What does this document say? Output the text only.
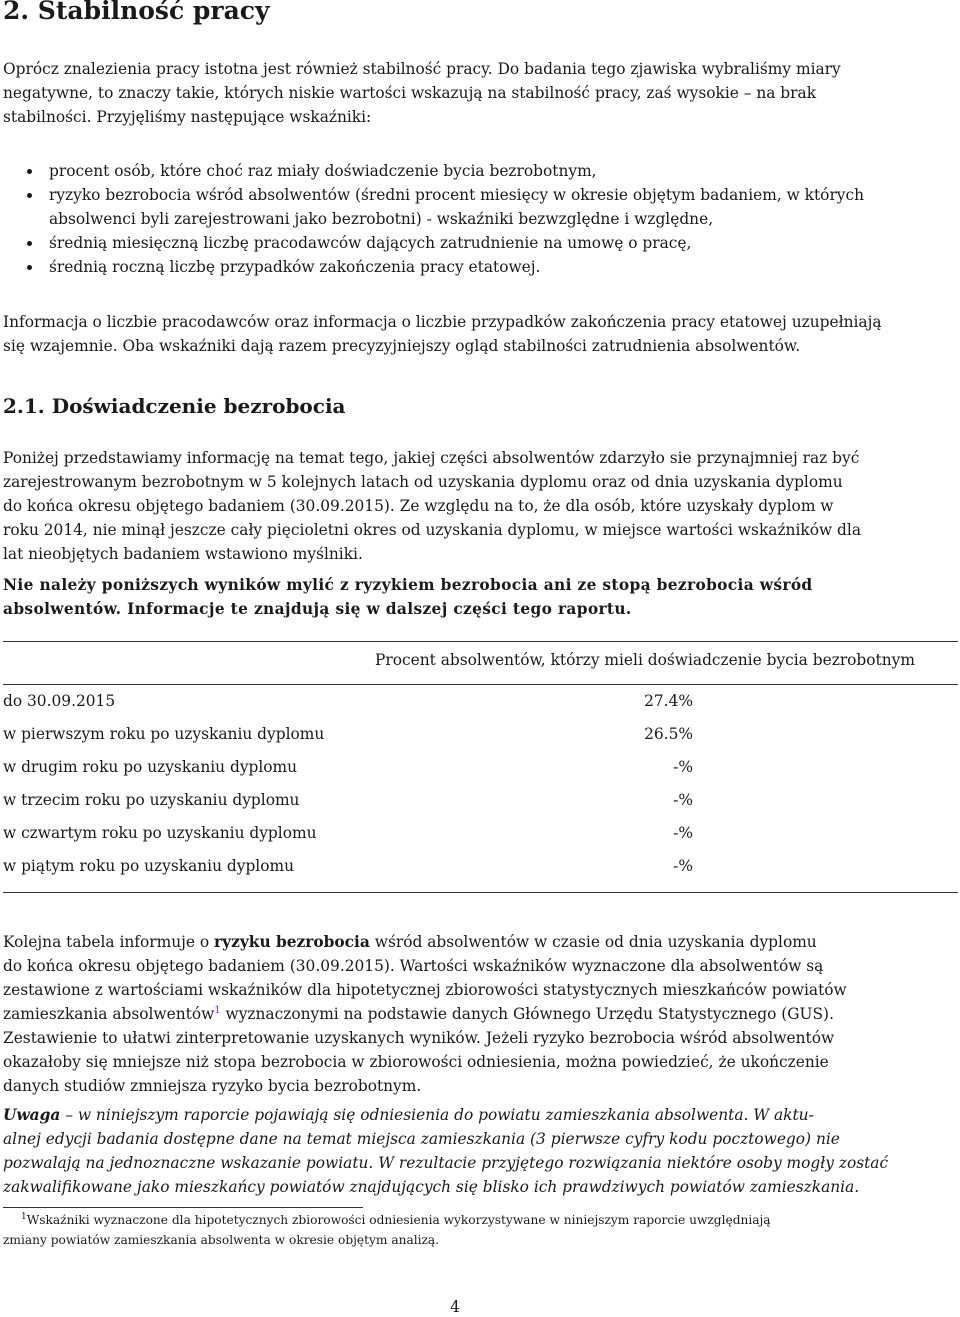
2. Stabilność pracy

Oprócz znalezienia pracy istotna jest również stabilność pracy. Do badania tego zjawiska wybraliśmy miary
negatywne, to znaczy takie, których niskie wartości wskazują na stabilność pracy, zaś wysokie – na brak
stabilności. Przyjęliśmy następujące wskaźniki:

procent osób, które choć raz miały doświadczenie bycia bezrobotnym,
ryzyko bezrobocia wśród absolwentów (średni procent miesięcy w okresie objętym badaniem, w których
absolwenci byli zarejestrowani jako bezrobotni) - wskaźniki bezwzględne i względne,
średnią miesięczną liczbę pracodawców dających zatrudnienie na umowę o pracę,
średnią roczną liczbę przypadków zakończenia pracy etatowej.

Informacja o liczbie pracodawców oraz informacja o liczbie przypadków zakończenia pracy etatowej uzupełniają
się wzajemnie. Oba wskaźniki dają razem precyzyjniejszy ogląd stabilności zatrudnienia absolwentów.

2.1. Doświadczenie bezrobocia

Poniżej przedstawiamy informację na temat tego, jakiej części absolwentów zdarzyło sie przynajmniej raz być
zarejestrowanym bezrobotnym w 5 kolejnych latach od uzyskania dyplomu oraz od dnia uzyskania dyplomu
do końca okresu objętego badaniem (30.09.2015). Ze względu na to, że dla osób, które uzyskały dyplom w
roku 2014, nie minął jeszcze cały pięcioletni okres od uzyskania dyplomu, w miejsce wartości wskaźników dla
lat nieobjętych badaniem wstawiono myślniki.

Nie należy poniższych wyników mylić z ryzykiem bezrobocia ani ze stopą bezrobocia wśród
absolwentów. Informacje te znajdują się w dalszej części tego raportu.

Procent absolwentów, którzy mieli doświadczenie bycia bezrobotnym
do 30.09.2015	27.4%
w pierwszym roku po uzyskaniu dyplomu	26.5%
w drugim roku po uzyskaniu dyplomu	-%
w trzecim roku po uzyskaniu dyplomu	-%
w czwartym roku po uzyskaniu dyplomu	-%
w piątym roku po uzyskaniu dyplomu	-%

Kolejna tabela informuje o ryzyku bezrobocia wśród absolwentów w czasie od dnia uzyskania dyplomu
do końca okresu objętego badaniem (30.09.2015). Wartości wskaźników wyznaczone dla absolwentów są
zestawione z wartościami wskaźników dla hipotetycznej zbiorowości statystycznych mieszkańców powiatów
zamieszkania absolwentów$^1$ wyznaczonymi na podstawie danych Głównego Urzędu Statystycznego (GUS).
Zestawienie to ułatwi zinterpretowanie uzyskanych wyników. Jeżeli ryzyko bezrobocia wśród absolwentów
okazałoby się mniejsze niż stopa bezrobocia w zbiorowości odniesienia, można powiedzieć, że ukończenie
danych studiów zmniejsza ryzyko bycia bezrobotnym.

Uwaga – w niniejszym raporcie pojawiają się odniesienia do powiatu zamieszkania absolwenta. W aktu-
alnej edycji badania dostępne dane na temat miejsca zamieszkania (3 pierwsze cyfry kodu pocztowego) nie
pozwalają na jednoznaczne wskazanie powiatu. W rezultacie przyjętego rozwiązania niektóre osoby mogły zostać
zakwalifikowane jako mieszkańcy powiatów znajdujących się blisko ich prawdziwych powiatów zamieszkania.

$^1$Wskaźniki wyznaczone dla hipotetycznych zbiorowości odniesienia wykorzystywane w niniejszym raporcie uwzględniają
zmiany powiatów zamieszkania absolwenta w okresie objętym analizą.

4
